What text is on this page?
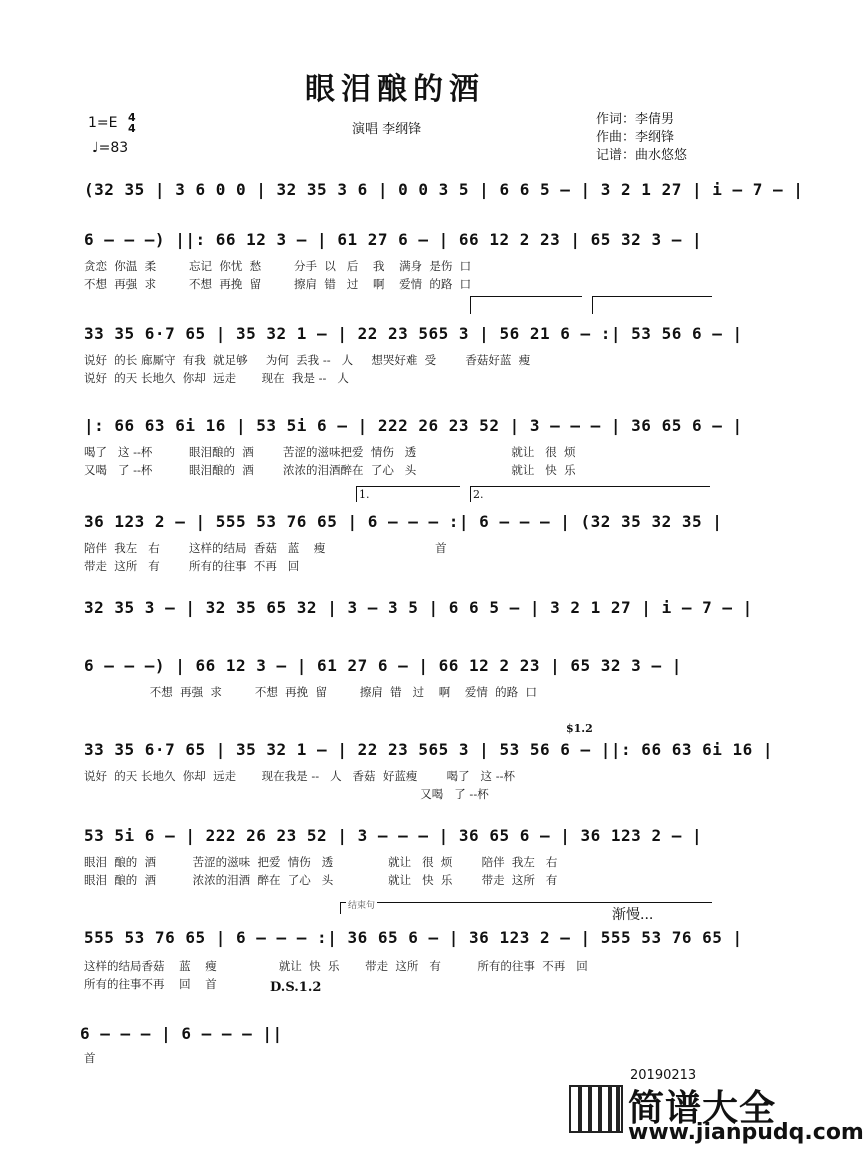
眼泪酿的酒
1=E 4
4
♩=83
演唱 李纲锋
作词：李倩男
作曲：李纲锋
记谱：曲水悠悠
(32 35 | 3 6 0 0 | 32 35 3 6 | 0 0 3 5 | 6 6 5 – | 3 2 1 27 | i – 7 – |
6 – – –) ||: 66 12 3 – | 61 27 6 – | 66 12 2 23 | 65 32 3 – |
贪恋  你温  柔         忘记  你忧  愁         分手  以   后    我    满身  是伤  口
不想  再强  求         不想  再挽  留         擦肩  错   过    啊    爱情  的路  口
33 35 6·7 65 | 35 32 1 – | 22 23 565 3 | 56 21 6 – :| 53 56 6 – |
说好  的长 廊厮守  有我  就足够     为何  丢我 --   人     想哭好难  受        香菇好蓝  瘦
说好  的天 长地久  你却  远走       现在  我是 --   人
|: 66 63 6i 16 | 53 5i 6 – | 222 26 23 52 | 3 – – – | 36 65 6 – |
喝了   这 --杯          眼泪酿的  酒        苦涩的滋味把爱  情伤   透                          就让   很  烦
又喝   了 --杯          眼泪酿的  酒        浓浓的泪酒醉在  了心   头                          就让   快  乐
1.	2.
36 123 2 – | 555 53 76 65 | 6 – – – :| 6 – – – | (32 35 32 35 |
陪伴  我左   右        这样的结局  香菇   蓝    瘦                              首
带走  这所   有        所有的往事  不再   回
32 35 3 – | 32 35 65 32 | 3 – 3 5 | 6 6 5 – | 3 2 1 27 | i – 7 – |
6 – – –) | 66 12 3 – | 61 27 6 – | 66 12 2 23 | 65 32 3 – |
不想  再强  求         不想  再挽  留         擦肩  错   过    啊    爱情  的路  口
$1.2
33 35 6·7 65 | 35 32 1 – | 22 23 565 3 | 53 56 6 – ||: 66 63 6i 16 |
说好  的天 长地久  你却  远走       现在我是 --   人   香菇  好蓝瘦        喝了   这 --杯
又喝   了 --杯
53 5i 6 – | 222 26 23 52 | 3 – – – | 36 65 6 – | 36 123 2 – |
眼泪  酿的  酒          苦涩的滋味  把爱  情伤   透               就让   很  烦        陪伴  我左   右
眼泪  酿的  酒          浓浓的泪酒  醉在  了心   头               就让   快  乐        带走  这所   有
结束句
渐慢...
555 53 76 65 | 6 – – – :| 36 65 6 – | 36 123 2 – | 555 53 76 65 |
这样的结局香菇    蓝    瘦                 就让  快  乐       带走  这所   有          所有的往事  不再   回
所有的往事不再    回    首	D.S.1.2
6 – – – | 6 – – – ||
首
20190213
简谱大全
www.jianpudq.com
